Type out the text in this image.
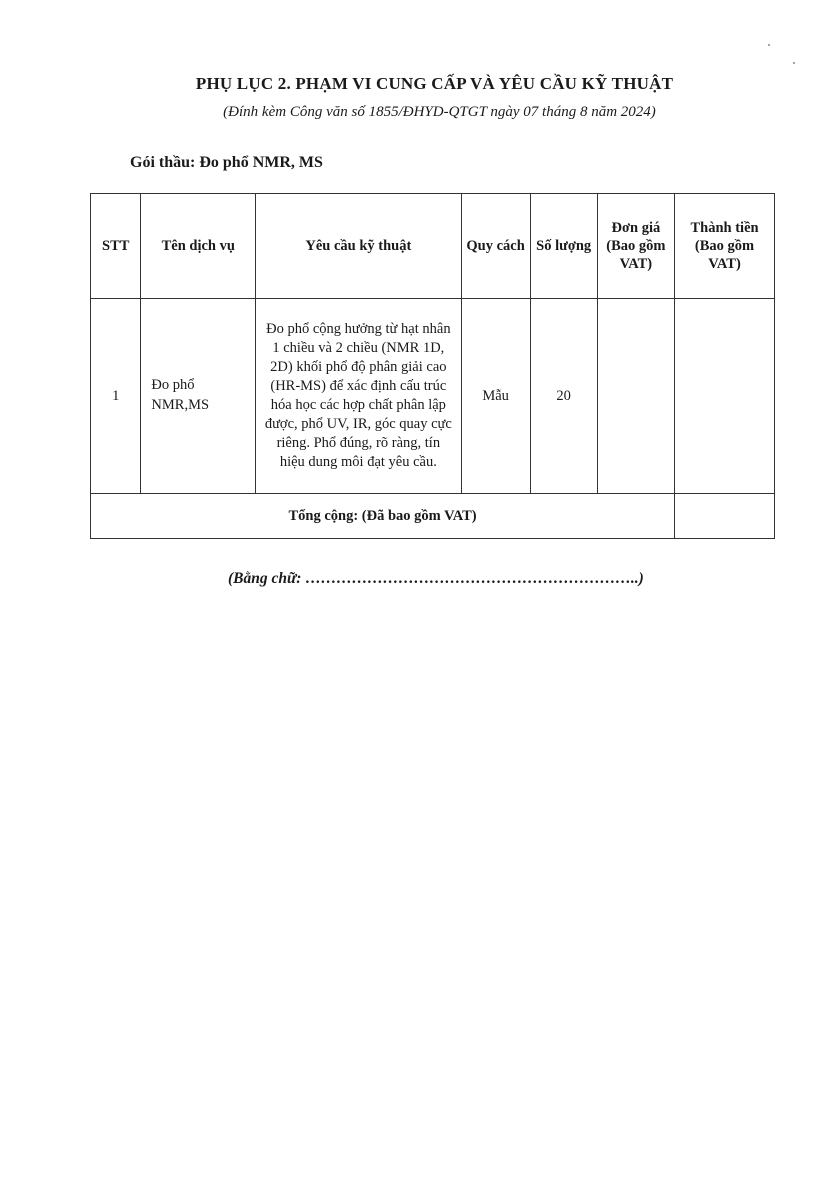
PHỤ LỤC 2. PHẠM VI CUNG CẤP VÀ YÊU CẦU KỸ THUẬT
(Đính kèm Công văn số 1855/ĐHYD-QTGT ngày 07 tháng 8 năm 2024)
Gói thầu: Đo phổ NMR, MS
STT	Tên dịch vụ	Yêu cầu kỹ thuật	Quy cách	Số lượng	Đơn giá (Bao gồm VAT)	Thành tiền (Bao gồm VAT)
1	Đo phổ NMR,MS	Đo phổ cộng hưởng từ hạt nhân 1 chiều và 2 chiều (NMR 1D, 2D) khối phổ độ phân giải cao (HR-MS) để xác định cấu trúc hóa học các hợp chất phân lập được, phổ UV, IR, góc quay cực riêng. Phổ đúng, rõ ràng, tín hiệu dung môi đạt yêu cầu.	Mẫu	20		
Tổng cộng: (Đã bao gồm VAT)						
(Bằng chữ: ………………………………………………………..)
